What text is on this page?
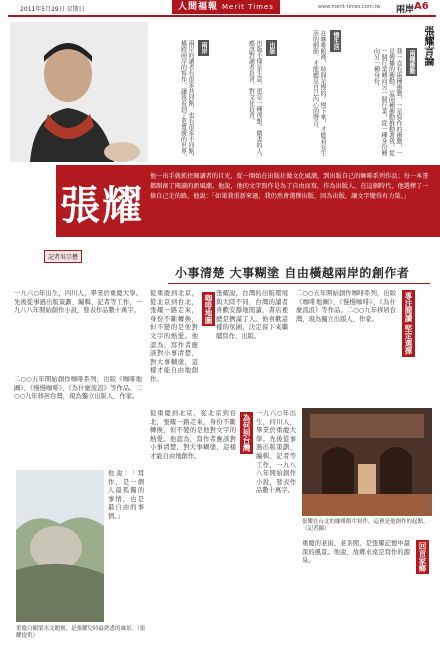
2011年5月29日 星期日	人間福報 Merit Times	www.merit-times.com.tw 兩岸 A6
張耀言論
兩種衝動
我一直有兩種衝動，一是寫作的衝動，一是傳播的衝動。這兩種衝動推動著我，從一個行業轉向另一個行業，從一種身份轉向另一種身份。
慢生活
在咖啡館裡，時間是慢的。慢下來，才能看見生活的細節，才能聽見自己內心的聲音。
出版
出版不僅是生意，更是一種理想。做書的人，應該對讀者負責，對文化負責。
兩岸
兩岸的讀者有很多共同點，也有很多不同點。橫跨兩岸的寫作，讓我看到了更寬廣的世界。
張耀
他一出手就抓住閱讀者的目光，從一開始在出版社做文化風潮，到出版自己的咖啡系列作品；每一本書都開創了閱讀的新風潮。他說，他的文字寫作是為了自由而寫，作為出版人，在這個時代，他選擇了一條自己走的路，他說：「如果我重新來過，我仍然會選擇出版，因為出版，讓文字變得有力量。」
記者吳宗懋
小事清楚 大事糊塗 自由橫越兩岸的創作者
一九六○年出生，四川人，畢業於重慶大學。先後從事過出版策劃、編輯、記者等工作，一九八八年開始創作小說，發表作品數十萬字。
二○○五年開始創作咖啡系列，出版《咖啡地圖》、《慢慢咖啡》、《為什麼流浪》等作品。二○○九年移居台灣，現為獨立出版人、作家。
他說：「寫作，是一個人最孤獨的事情，也是最自由的事情。」
重慶白鶴梁水文題刻，是張耀兒時最熟悉的風景。（張耀提供）
咖啡地圖
從重慶到北京，從北京到台北，張耀一路走來，身份不斷轉換，但不變的是他對文字的熱愛。他認為，寫作者應該對小事清楚，對大事糊塗，這樣才能自由地創作。
張耀說，台灣的出版環境與大陸不同，台灣的讀者喜歡安靜地閱讀，書店裡總是擠滿了人。他喜歡這樣的氛圍，決定留下來繼續寫作、出版。	專注閱讀 堅定選擇
二○○五年開始創作咖啡系列，出版《咖啡地圖》、《慢慢咖啡》、《為什麼流浪》等作品。二○○九年移居台灣，現為獨立出版人、作家。
為何到台灣
從重慶到北京，從北京到台北，張耀一路走來，身份不斷轉換，但不變的是他對文字的熱愛。他認為，寫作者應該對小事清楚，對大事糊塗，這樣才能自由地創作。
一九六○年出生，四川人，畢業於重慶大學。先後從事過出版策劃、編輯、記者等工作，一九八八年開始創作小說，發表作品數十萬字。
張耀在台北的咖啡館中寫作，這裡是他創作的起點。（記者攝）
回首家鄉
重慶的老街、老茶館，是張耀記憶中最深的風景。他說，故鄉永遠是寫作的源泉。
